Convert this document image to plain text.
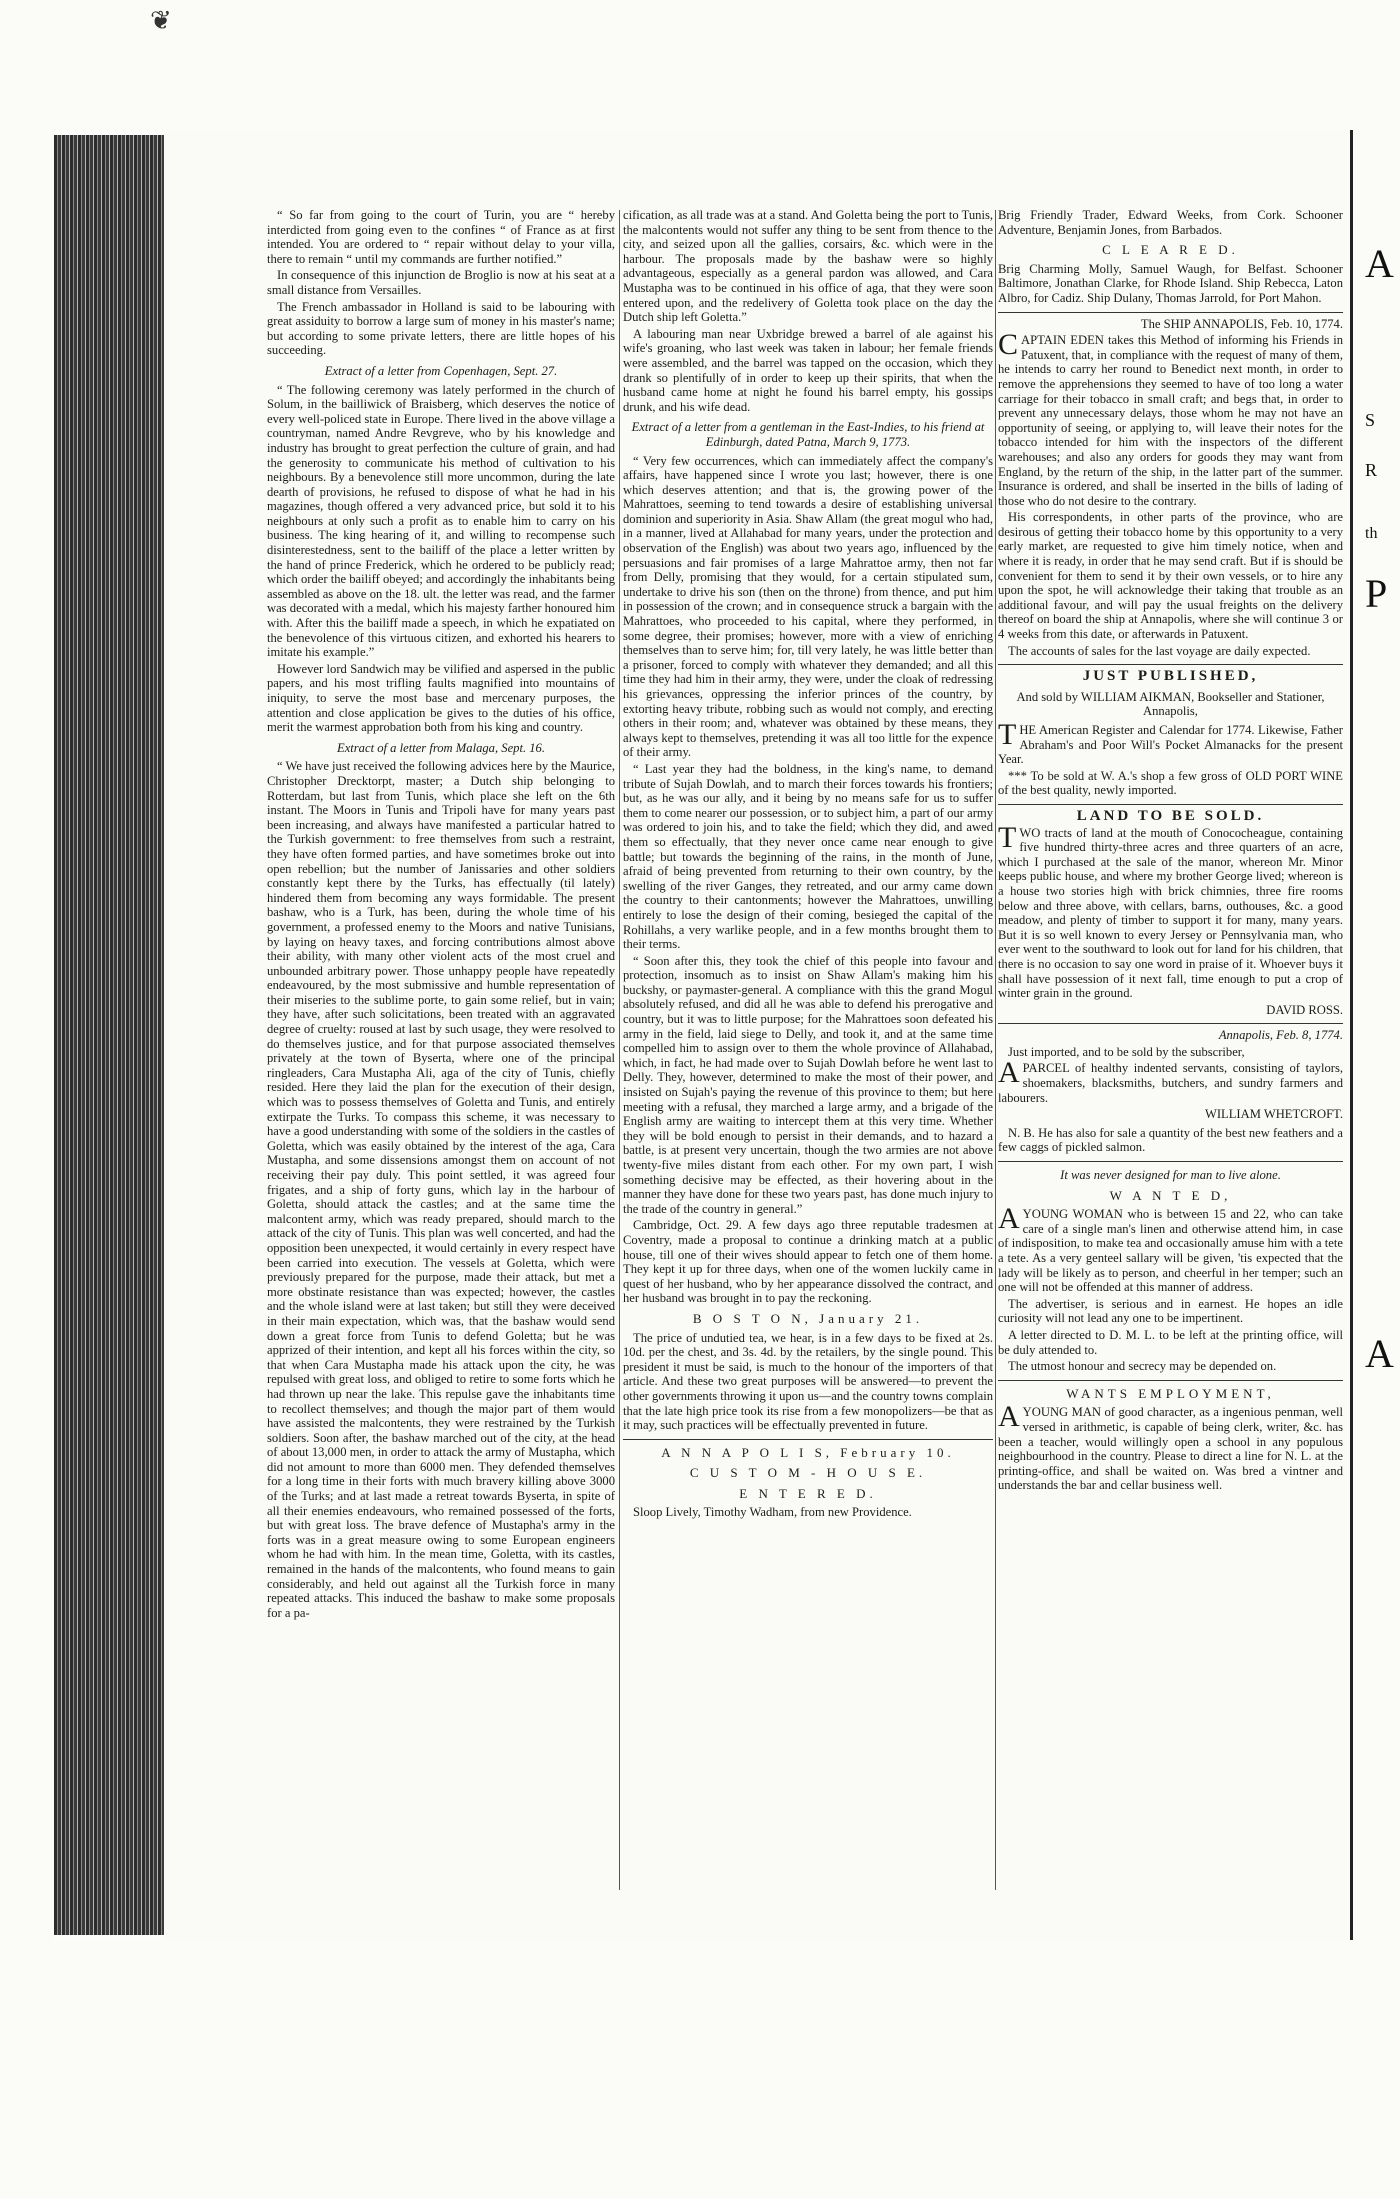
❦
A
S
R
th
P
A

“ So far from going to the court of Turin, you are “ hereby interdicted from going even to the confines “ of France as at first intended. You are ordered to “ repair without delay to your villa, there to remain “ until my commands are further notified.”

In consequence of this injunction de Broglio is now at his seat at a small distance from Versailles.

The French ambassador in Holland is said to be labouring with great assiduity to borrow a large sum of money in his master's name; but according to some private letters, there are little hopes of his succeeding.

Extract of a letter from Copenhagen, Sept. 27.

“ The following ceremony was lately performed in the church of Solum, in the bailliwick of Braisberg, which deserves the notice of every well-policed state in Europe. There lived in the above village a countryman, named Andre Revgreve, who by his knowledge and industry has brought to great perfection the culture of grain, and had the generosity to communicate his method of cultivation to his neighbours. By a benevolence still more uncommon, during the late dearth of provisions, he refused to dispose of what he had in his magazines, though offered a very advanced price, but sold it to his neighbours at only such a profit as to enable him to carry on his business. The king hearing of it, and willing to recompense such disinterestedness, sent to the bailiff of the place a letter written by the hand of prince Frederick, which he ordered to be publicly read; which order the bailiff obeyed; and accordingly the inhabitants being assembled as above on the 18. ult. the letter was read, and the farmer was decorated with a medal, which his majesty farther honoured him with. After this the bailiff made a speech, in which he expatiated on the benevolence of this virtuous citizen, and exhorted his hearers to imitate his example.”

However lord Sandwich may be vilified and aspersed in the public papers, and his most trifling faults magnified into mountains of iniquity, to serve the most base and mercenary purposes, the attention and close application be gives to the duties of his office, merit the warmest approbation both from his king and country.

Extract of a letter from Malaga, Sept. 16.

“ We have just received the following advices here by the Maurice, Christopher Drecktorpt, master; a Dutch ship belonging to Rotterdam, but last from Tunis, which place she left on the 6th instant. The Moors in Tunis and Tripoli have for many years past been increasing, and always have manifested a particular hatred to the Turkish government: to free themselves from such a restraint, they have often formed parties, and have sometimes broke out into open rebellion; but the number of Janissaries and other soldiers constantly kept there by the Turks, has effectually (til lately) hindered them from becoming any ways formidable. The present bashaw, who is a Turk, has been, during the whole time of his government, a professed enemy to the Moors and native Tunisians, by laying on heavy taxes, and forcing contributions almost above their ability, with many other violent acts of the most cruel and unbounded arbitrary power. Those unhappy people have repeatedly endeavoured, by the most submissive and humble representation of their miseries to the sublime porte, to gain some relief, but in vain; they have, after such solicitations, been treated with an aggravated degree of cruelty: roused at last by such usage, they were resolved to do themselves justice, and for that purpose associated themselves privately at the town of Byserta, where one of the principal ringleaders, Cara Mustapha Ali, aga of the city of Tunis, chiefly resided. Here they laid the plan for the execution of their design, which was to possess themselves of Goletta and Tunis, and entirely extirpate the Turks. To compass this scheme, it was necessary to have a good understanding with some of the soldiers in the castles of Goletta, which was easily obtained by the interest of the aga, Cara Mustapha, and some dissensions amongst them on account of not receiving their pay duly. This point settled, it was agreed four frigates, and a ship of forty guns, which lay in the harbour of Goletta, should attack the castles; and at the same time the malcontent army, which was ready prepared, should march to the attack of the city of Tunis. This plan was well concerted, and had the opposition been unexpected, it would certainly in every respect have been carried into execution. The vessels at Goletta, which were previously prepared for the purpose, made their attack, but met a more obstinate resistance than was expected; however, the castles and the whole island were at last taken; but still they were deceived in their main expectation, which was, that the bashaw would send down a great force from Tunis to defend Goletta; but he was apprized of their intention, and kept all his forces within the city, so that when Cara Mustapha made his attack upon the city, he was repulsed with great loss, and obliged to retire to some forts which he had thrown up near the lake. This repulse gave the inhabitants time to recollect themselves; and though the major part of them would have assisted the malcontents, they were restrained by the Turkish soldiers. Soon after, the bashaw marched out of the city, at the head of about 13,000 men, in order to attack the army of Mustapha, which did not amount to more than 6000 men. They defended themselves for a long time in their forts with much bravery killing above 3000 of the Turks; and at last made a retreat towards Byserta, in spite of all their enemies endeavours, who remained possessed of the forts, but with great loss. The brave defence of Mustapha's army in the forts was in a great measure owing to some European engineers whom he had with him. In the mean time, Goletta, with its castles, remained in the hands of the malcontents, who found means to gain considerably, and held out against all the Turkish force in many repeated attacks. This induced the bashaw to make some proposals for a pa-

cification, as all trade was at a stand. And Goletta being the port to Tunis, the malcontents would not suffer any thing to be sent from thence to the city, and seized upon all the gallies, corsairs, &c. which were in the harbour. The proposals made by the bashaw were so highly advantageous, especially as a general pardon was allowed, and Cara Mustapha was to be continued in his office of aga, that they were soon entered upon, and the redelivery of Goletta took place on the day the Dutch ship left Goletta.”

A labouring man near Uxbridge brewed a barrel of ale against his wife's groaning, who last week was taken in labour; her female friends were assembled, and the barrel was tapped on the occasion, which they drank so plentifully of in order to keep up their spirits, that when the husband came home at night he found his barrel empty, his gossips drunk, and his wife dead.

Extract of a letter from a gentleman in the East-Indies, to his friend at Edinburgh, dated Patna, March 9, 1773.

“ Very few occurrences, which can immediately affect the company's affairs, have happened since I wrote you last; however, there is one which deserves attention; and that is, the growing power of the Mahrattoes, seeming to tend towards a desire of establishing universal dominion and superiority in Asia. Shaw Allam (the great mogul who had, in a manner, lived at Allahabad for many years, under the protection and observation of the English) was about two years ago, influenced by the persuasions and fair promises of a large Mahrattoe army, then not far from Delly, promising that they would, for a certain stipulated sum, undertake to drive his son (then on the throne) from thence, and put him in possession of the crown; and in consequence struck a bargain with the Mahrattoes, who proceeded to his capital, where they performed, in some degree, their promises; however, more with a view of enriching themselves than to serve him; for, till very lately, he was little better than a prisoner, forced to comply with whatever they demanded; and all this time they had him in their army, they were, under the cloak of redressing his grievances, oppressing the inferior princes of the country, by extorting heavy tribute, robbing such as would not comply, and erecting others in their room; and, whatever was obtained by these means, they always kept to themselves, pretending it was all too little for the expence of their army.

“ Last year they had the boldness, in the king's name, to demand tribute of Sujah Dowlah, and to march their forces towards his frontiers; but, as he was our ally, and it being by no means safe for us to suffer them to come nearer our possession, or to subject him, a part of our army was ordered to join his, and to take the field; which they did, and awed them so effectually, that they never once came near enough to give battle; but towards the beginning of the rains, in the month of June, afraid of being prevented from returning to their own country, by the swelling of the river Ganges, they retreated, and our army came down the country to their cantonments; however the Mahrattoes, unwilling entirely to lose the design of their coming, besieged the capital of the Rohillahs, a very warlike people, and in a few months brought them to their terms.

“ Soon after this, they took the chief of this people into favour and protection, insomuch as to insist on Shaw Allam's making him his buckshy, or paymaster-general. A compliance with this the grand Mogul absolutely refused, and did all he was able to defend his prerogative and country, but it was to little purpose; for the Mahrattoes soon defeated his army in the field, laid siege to Delly, and took it, and at the same time compelled him to assign over to them the whole province of Allahabad, which, in fact, he had made over to Sujah Dowlah before he went last to Delly. They, however, determined to make the most of their power, and insisted on Sujah's paying the revenue of this province to them; but here meeting with a refusal, they marched a large army, and a brigade of the English army are waiting to intercept them at this very time. Whether they will be bold enough to persist in their demands, and to hazard a battle, is at present very uncertain, though the two armies are not above twenty-five miles distant from each other. For my own part, I wish something decisive may be effected, as their hovering about in the manner they have done for these two years past, has done much injury to the trade of the country in general.”

Cambridge, Oct. 29. A few days ago three reputable tradesmen at Coventry, made a proposal to continue a drinking match at a public house, till one of their wives should appear to fetch one of them home. They kept it up for three days, when one of the women luckily came in quest of her husband, who by her appearance dissolved the contract, and her husband was brought in to pay the reckoning.

B O S T O N, January 21.

The price of undutied tea, we hear, is in a few days to be fixed at 2s. 10d. per the chest, and 3s. 4d. by the retailers, by the single pound. This president it must be said, is much to the honour of the importers of that article. And these two great purposes will be answered—to prevent the other governments throwing it upon us—and the country towns complain that the late high price took its rise from a few monopolizers—be that as it may, such practices will be effectually prevented in future.

A N N A P O L I S, February 10.

C U S T O M - H O U S E.

E N T E R E D.

Sloop Lively, Timothy Wadham, from new Providence.

Brig Friendly Trader, Edward Weeks, from Cork. Schooner Adventure, Benjamin Jones, from Barbados.

C L E A R E D.

Brig Charming Molly, Samuel Waugh, for Belfast. Schooner Baltimore, Jonathan Clarke, for Rhode Island. Ship Rebecca, Laton Albro, for Cadiz. Ship Dulany, Thomas Jarrold, for Port Mahon.

The SHIP ANNAPOLIS, Feb. 10, 1774.

CAPTAIN EDEN takes this Method of informing his Friends in Patuxent, that, in compliance with the request of many of them, he intends to carry her round to Benedict next month, in order to remove the apprehensions they seemed to have of too long a water carriage for their tobacco in small craft; and begs that, in order to prevent any unnecessary delays, those whom he may not have an opportunity of seeing, or applying to, will leave their notes for the tobacco intended for him with the inspectors of the different warehouses; and also any orders for goods they may want from England, by the return of the ship, in the latter part of the summer. Insurance is ordered, and shall be inserted in the bills of lading of those who do not desire to the contrary.

His correspondents, in other parts of the province, who are desirous of getting their tobacco home by this opportunity to a very early market, are requested to give him timely notice, when and where it is ready, in order that he may send craft. But if is should be convenient for them to send it by their own vessels, or to hire any upon the spot, he will acknowledge their taking that trouble as an additional favour, and will pay the usual freights on the delivery thereof on board the ship at Annapolis, where she will continue 3 or 4 weeks from this date, or afterwards in Patuxent.

The accounts of sales for the last voyage are daily expected.

JUST PUBLISHED,

And sold by WILLIAM AIKMAN, Bookseller and Stationer, Annapolis,

THE American Register and Calendar for 1774. Likewise, Father Abraham's and Poor Will's Pocket Almanacks for the present Year.

*** To be sold at W. A.'s shop a few gross of OLD PORT WINE of the best quality, newly imported.

LAND TO BE SOLD.

TWO tracts of land at the mouth of Conococheague, containing five hundred thirty-three acres and three quarters of an acre, which I purchased at the sale of the manor, whereon Mr. Minor keeps public house, and where my brother George lived; whereon is a house two stories high with brick chimnies, three fire rooms below and three above, with cellars, barns, outhouses, &c. a good meadow, and plenty of timber to support it for many, many years. But it is so well known to every Jersey or Pennsylvania man, who ever went to the southward to look out for land for his children, that there is no occasion to say one word in praise of it. Whoever buys it shall have possession of it next fall, time enough to put a crop of winter grain in the ground.

DAVID ROSS.

Annapolis, Feb. 8, 1774.

Just imported, and to be sold by the subscriber,

APARCEL of healthy indented servants, consisting of taylors, shoemakers, blacksmiths, butchers, and sundry farmers and labourers.

WILLIAM WHETCROFT.

N. B. He has also for sale a quantity of the best new feathers and a few caggs of pickled salmon.

It was never designed for man to live alone.

W A N T E D,

AYOUNG WOMAN who is between 15 and 22, who can take care of a single man's linen and otherwise attend him, in case of indisposition, to make tea and occasionally amuse him with a tete a tete. As a very genteel sallary will be given, 'tis expected that the lady will be likely as to person, and cheerful in her temper; such an one will not be offended at this manner of address.

The advertiser, is serious and in earnest. He hopes an idle curiosity will not lead any one to be impertinent.

A letter directed to D. M. L. to be left at the printing office, will be duly attended to.

The utmost honour and secrecy may be depended on.

WANTS EMPLOYMENT,

AYOUNG MAN of good character, as a ingenious penman, well versed in arithmetic, is capable of being clerk, writer, &c. has been a teacher, would willingly open a school in any populous neighbourhood in the country. Please to direct a line for N. L. at the printing-office, and shall be waited on. Was bred a vintner and understands the bar and cellar business well.
